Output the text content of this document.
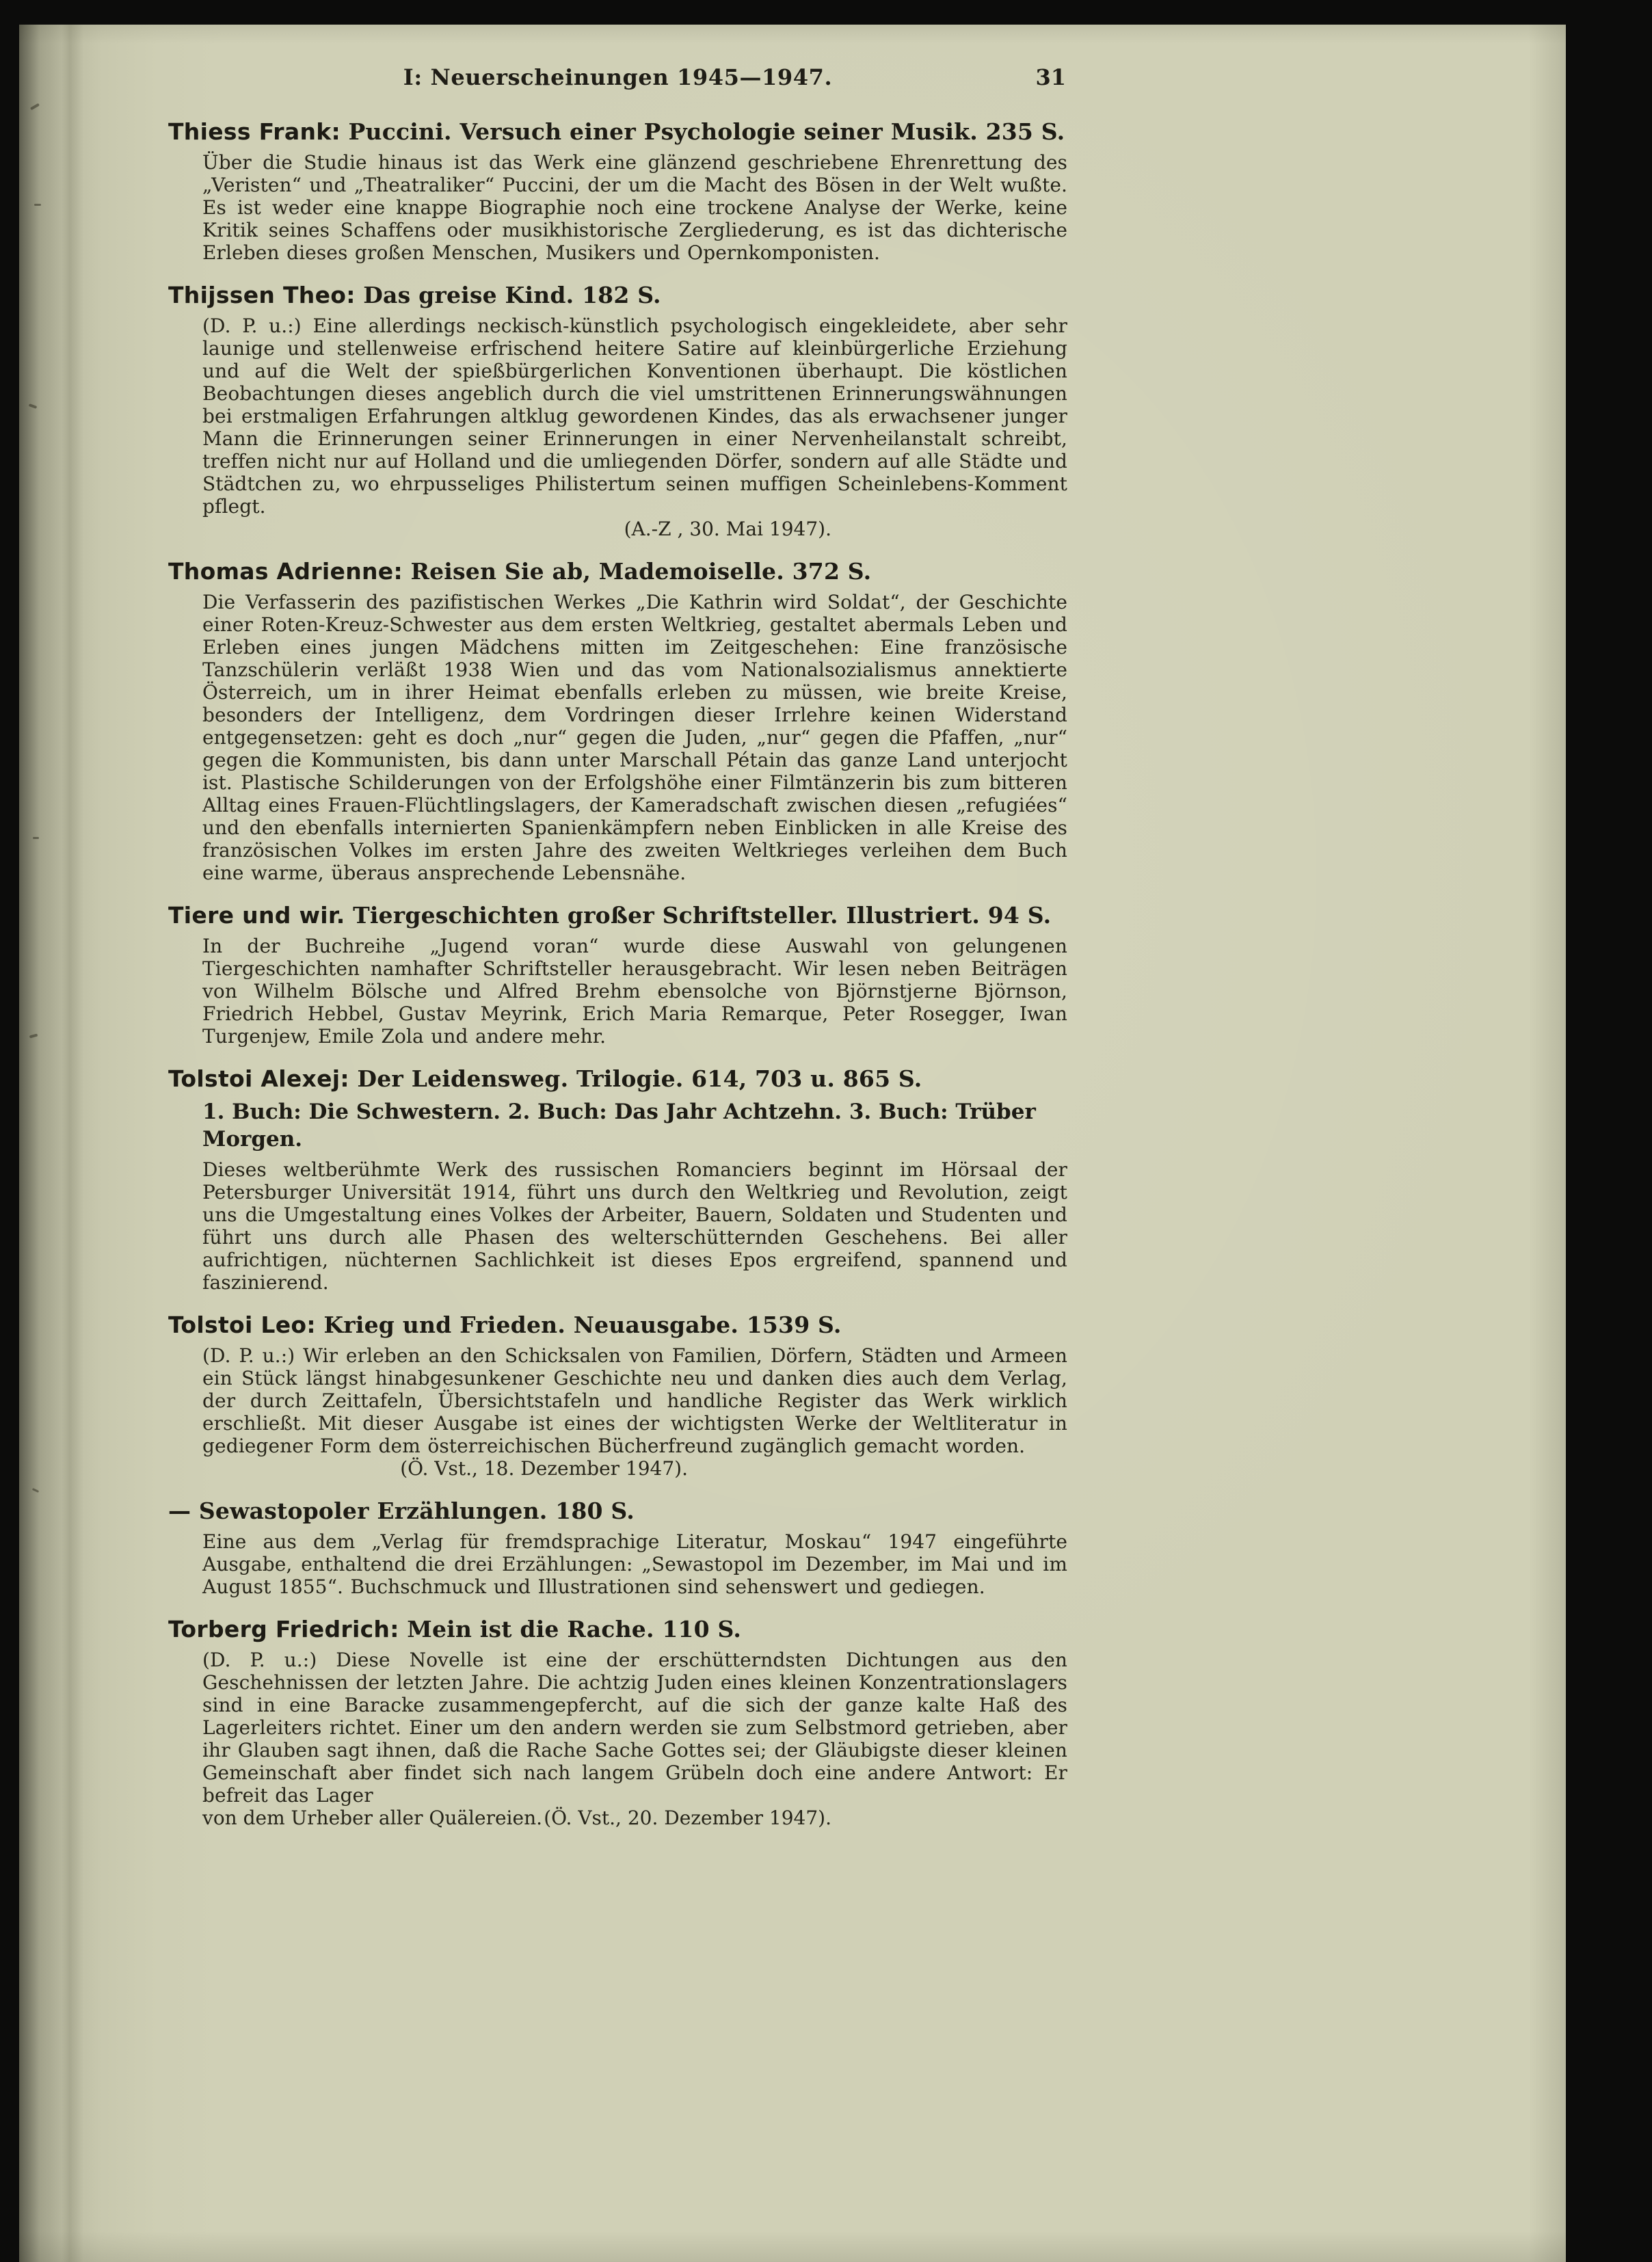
I: Neuerscheinungen 1945—1947.	31
Thiess Frank: Puccini. Versuch einer Psychologie seiner Musik. 235 S.

Über die Studie hinaus ist das Werk eine glänzend geschriebene Ehrenrettung des „Veristen“ und „Theatraliker“ Puccini, der um die Macht des Bösen in der Welt wußte. Es ist weder eine knappe Biographie noch eine trockene Analyse der Werke, keine Kritik seines Schaffens oder musikhistorische Zergliederung, es ist das dichterische Erleben dieses großen Menschen, Musikers und Opernkomponisten.

Thijssen Theo: Das greise Kind. 182 S.

(D. P. u.:) Eine allerdings neckisch-künstlich psychologisch eingekleidete, aber sehr launige und stellenweise erfrischend heitere Satire auf kleinbürgerliche Erziehung und auf die Welt der spießbürgerlichen Konventionen überhaupt. Die köstlichen Beobachtungen dieses angeblich durch die viel umstrittenen Erinnerungswähnungen bei erstmaligen Erfahrungen altklug gewordenen Kindes, das als erwachsener junger Mann die Erinnerungen seiner Erinnerungen in einer Nervenheilanstalt schreibt, treffen nicht nur auf Holland und die umliegenden Dörfer, sondern auf alle Städte und Städtchen zu, wo ehrpusseliges Philistertum seinen muffigen Scheinlebens-Komment pflegt.

(A.-Z , 30. Mai 1947).

Thomas Adrienne: Reisen Sie ab, Mademoiselle. 372 S.

Die Verfasserin des pazifistischen Werkes „Die Kathrin wird Soldat“, der Geschichte einer Roten-Kreuz-Schwester aus dem ersten Weltkrieg, gestaltet abermals Leben und Erleben eines jungen Mädchens mitten im Zeitgeschehen: Eine französische Tanzschülerin verläßt 1938 Wien und das vom Nationalsozialismus annektierte Österreich, um in ihrer Heimat ebenfalls erleben zu müssen, wie breite Kreise, besonders der Intelligenz, dem Vordringen dieser Irrlehre keinen Widerstand entgegensetzen: geht es doch „nur“ gegen die Juden, „nur“ gegen die Pfaffen, „nur“ gegen die Kommunisten, bis dann unter Marschall Pétain das ganze Land unterjocht ist. Plastische Schilderungen von der Erfolgshöhe einer Filmtänzerin bis zum bitteren Alltag eines Frauen-Flüchtlingslagers, der Kameradschaft zwischen diesen „refugiées“ und den ebenfalls internierten Spanienkämpfern neben Einblicken in alle Kreise des französischen Volkes im ersten Jahre des zweiten Weltkrieges verleihen dem Buch eine warme, überaus ansprechende Lebensnähe.

Tiere und wir. Tiergeschichten großer Schriftsteller. Illustriert. 94 S.

In der Buchreihe „Jugend voran“ wurde diese Auswahl von gelungenen Tiergeschichten namhafter Schriftsteller herausgebracht. Wir lesen neben Beiträgen von Wilhelm Bölsche und Alfred Brehm ebensolche von Björnstjerne Björnson, Friedrich Hebbel, Gustav Meyrink, Erich Maria Remarque, Peter Rosegger, Iwan Turgenjew, Emile Zola und andere mehr.

Tolstoi Alexej: Der Leidensweg. Trilogie. 614, 703 u. 865 S.

1. Buch: Die Schwestern. 2. Buch: Das Jahr Achtzehn. 3. Buch: Trüber Morgen.

Dieses weltberühmte Werk des russischen Romanciers beginnt im Hörsaal der Petersburger Universität 1914, führt uns durch den Weltkrieg und Revolution, zeigt uns die Umgestaltung eines Volkes der Arbeiter, Bauern, Soldaten und Studenten und führt uns durch alle Phasen des welterschütternden Geschehens. Bei aller aufrichtigen, nüchternen Sachlichkeit ist dieses Epos ergreifend, spannend und faszinierend.

Tolstoi Leo: Krieg und Frieden. Neuausgabe. 1539 S.

(D. P. u.:) Wir erleben an den Schicksalen von Familien, Dörfern, Städten und Armeen ein Stück längst hinabgesunkener Geschichte neu und danken dies auch dem Verlag, der durch Zeittafeln, Übersichtstafeln und handliche Register das Werk wirklich erschließt. Mit dieser Ausgabe ist eines der wichtigsten Werke der Weltliteratur in gediegener Form dem österreichischen Bücherfreund zugänglich gemacht worden.

(Ö. Vst., 18. Dezember 1947).

— Sewastopoler Erzählungen. 180 S.

Eine aus dem „Verlag für fremdsprachige Literatur, Moskau“ 1947 eingeführte Ausgabe, enthaltend die drei Erzählungen: „Sewastopol im Dezember, im Mai und im August 1855“. Buchschmuck und Illustrationen sind sehenswert und gediegen.

Torberg Friedrich: Mein ist die Rache. 110 S.

(D. P. u.:) Diese Novelle ist eine der erschütterndsten Dichtungen aus den Geschehnissen der letzten Jahre. Die achtzig Juden eines kleinen Konzentrationslagers sind in eine Baracke zusammengepfercht, auf die sich der ganze kalte Haß des Lagerleiters richtet. Einer um den andern werden sie zum Selbstmord getrieben, aber ihr Glauben sagt ihnen, daß die Rache Sache Gottes sei; der Gläubigste dieser kleinen Gemeinschaft aber findet sich nach langem Grübeln doch eine andere Antwort: Er befreit das Lager

von dem Urheber aller Quälereien. (Ö. Vst., 20. Dezember 1947).
